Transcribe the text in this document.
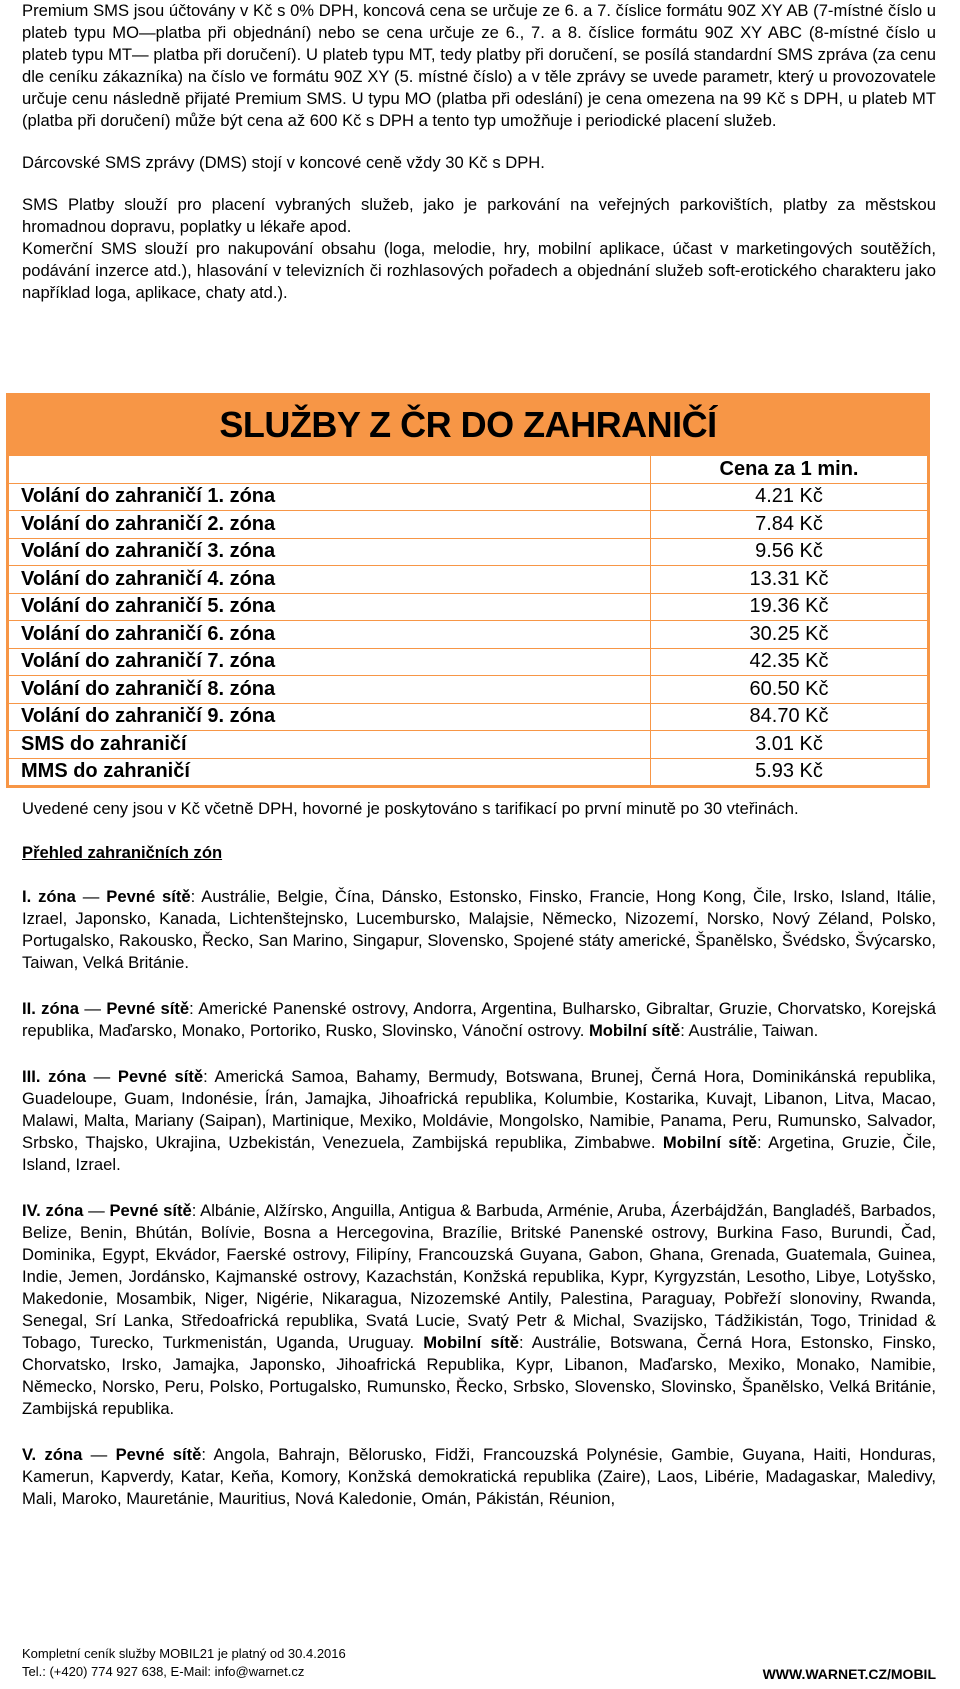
Premium SMS jsou účtovány v Kč s 0% DPH, koncová cena se určuje ze 6. a 7. číslice formátu 90Z XY AB (7-místné číslo u plateb typu MO—platba při objednání) nebo se cena určuje ze 6., 7. a 8. číslice formátu 90Z XY ABC (8-místné číslo u plateb typu MT— platba při doručení). U plateb typu MT, tedy platby při doručení, se posílá standardní SMS zpráva (za cenu dle ceníku zákazníka) na číslo ve formátu 90Z XY (5. místné číslo) a v těle zprávy se uvede parametr, který u provozovatele určuje cenu následně přijaté Premium SMS. U typu MO (platba při odeslání) je cena omezena na 99 Kč s DPH, u plateb MT (platba při doručení) může být cena až 600 Kč s DPH a tento typ umožňuje i periodické placení služeb.

Dárcovské SMS zprávy (DMS) stojí v koncové ceně vždy 30 Kč s DPH.

SMS Platby slouží pro placení vybraných služeb, jako je parkování na veřejných parkovištích, platby za městskou hromadnou dopravu, poplatky u lékaře apod.

Komerční SMS slouží pro nakupování obsahu (loga, melodie, hry, mobilní aplikace, účast v marketingových soutěžích, podávání inzerce atd.), hlasování v televizních či rozhlasových pořadech a objednání služeb soft-erotického charakteru jako například loga, aplikace, chaty atd.).

SLUŽBY Z ČR DO ZAHRANIČÍ
	Cena za 1 min.
Volání do zahraničí 1. zóna	4.21 Kč
Volání do zahraničí 2. zóna	7.84 Kč
Volání do zahraničí 3. zóna	9.56 Kč
Volání do zahraničí 4. zóna	13.31 Kč
Volání do zahraničí 5. zóna	19.36 Kč
Volání do zahraničí 6. zóna	30.25 Kč
Volání do zahraničí 7. zóna	42.35 Kč
Volání do zahraničí 8. zóna	60.50 Kč
Volání do zahraničí 9. zóna	84.70 Kč
SMS do zahraničí	3.01 Kč
MMS do zahraničí	5.93 Kč

Uvedené ceny jsou v Kč včetně DPH, hovorné je poskytováno s tarifikací po první minutě po 30 vteřinách.

Přehled zahraničních zón

I. zóna — Pevné sítě: Austrálie, Belgie, Čína, Dánsko, Estonsko, Finsko, Francie, Hong Kong, Čile, Irsko, Island, Itálie, Izrael, Japonsko, Kanada, Lichtenštejnsko, Lucembursko, Malajsie, Německo, Nizozemí, Norsko, Nový Zéland, Polsko, Portugalsko, Rakousko, Řecko, San Marino, Singapur, Slovensko, Spojené státy americké, Španělsko, Švédsko, Švýcarsko, Taiwan, Velká Británie.

II. zóna — Pevné sítě: Americké Panenské ostrovy, Andorra, Argentina, Bulharsko, Gibraltar, Gruzie, Chorvatsko, Korejská republika, Maďarsko, Monako, Portoriko, Rusko, Slovinsko, Vánoční ostrovy. Mobilní sítě: Austrálie, Taiwan.

III. zóna — Pevné sítě: Americká Samoa, Bahamy, Bermudy, Botswana, Brunej, Černá Hora, Dominikánská republika, Guadeloupe, Guam, Indonésie, Írán, Jamajka, Jihoafrická republika, Kolumbie, Kostarika, Kuvajt, Libanon, Litva, Macao, Malawi, Malta, Mariany (Saipan), Martinique, Mexiko, Moldávie, Mongolsko, Namibie, Panama, Peru, Rumunsko, Salvador, Srbsko, Thajsko, Ukrajina, Uzbekistán, Venezuela, Zambijská republika, Zimbabwe. Mobilní sítě: Argetina, Gruzie, Čile, Island, Izrael.

IV. zóna — Pevné sítě: Albánie, Alžírsko, Anguilla, Antigua & Barbuda, Arménie, Aruba, Ázerbájdžán, Bangladéš, Barbados, Belize, Benin, Bhútán, Bolívie, Bosna a Hercegovina, Brazílie, Britské Panenské ostrovy, Burkina Faso, Burundi, Čad, Dominika, Egypt, Ekvádor, Faerské ostrovy, Filipíny, Francouzská Guyana, Gabon, Ghana, Grenada, Guatemala, Guinea, Indie, Jemen, Jordánsko, Kajmanské ostrovy, Kazachstán, Konžská republika, Kypr, Kyrgyzstán, Lesotho, Libye, Lotyšsko, Makedonie, Mosambik, Niger, Nigérie, Nikaragua, Nizozemské Antily, Palestina, Paraguay, Pobřeží slonoviny, Rwanda, Senegal, Srí Lanka, Středoafrická republika, Svatá Lucie, Svatý Petr & Michal, Svazijsko, Tádžikistán, Togo, Trinidad & Tobago, Turecko, Turkmenistán, Uganda, Uruguay. Mobilní sítě: Austrálie, Botswana, Černá Hora, Estonsko, Finsko, Chorvatsko, Irsko, Jamajka, Japonsko, Jihoafrická Republika, Kypr, Libanon, Maďarsko, Mexiko, Monako, Namibie, Německo, Norsko, Peru, Polsko, Portugalsko, Rumunsko, Řecko, Srbsko, Slovensko, Slovinsko, Španělsko, Velká Británie, Zambijská republika.

V. zóna — Pevné sítě: Angola, Bahrajn, Bělorusko, Fidži, Francouzská Polynésie, Gambie, Guyana, Haiti, Honduras, Kamerun, Kapverdy, Katar, Keňa, Komory, Konžská demokratická republika (Zaire), Laos, Libérie, Madagaskar, Maledivy, Mali, Maroko, Mauretánie, Mauritius, Nová Kaledonie, Omán, Pákistán, Réunion,

Kompletní ceník služby MOBIL21 je platný od 30.4.2016
Tel.: (+420) 774 927 638, E-Mail: info@warnet.cz	WWW.WARNET.CZ/MOBIL
